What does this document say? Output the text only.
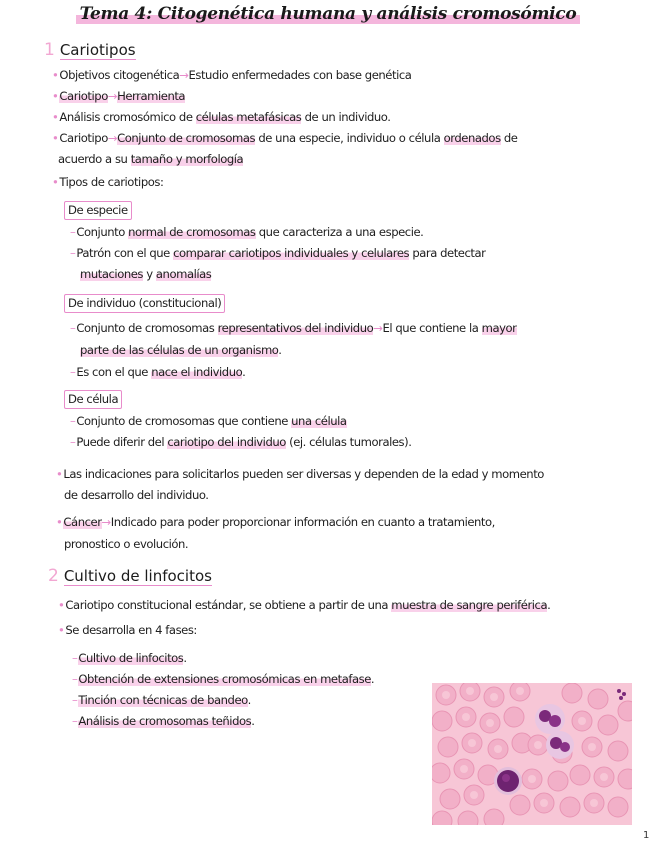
Tema 4: Citogenética humana y análisis cromosómico
1 Cariotipos
•Objetivos citogenética→Estudio enfermedades con base genética
•Cariotipo→Herramienta
•Análisis cromosómico de células metafásicas de un individuo.
•Cariotipo→Conjunto de cromosomas de una especie, individuo o célula ordenados de
acuerdo a su tamaño y morfología
•Tipos de cariotipos:
De especie
–Conjunto normal de cromosomas que caracteriza a una especie.
–Patrón con el que comparar cariotipos individuales y celulares para detectar
mutaciones y anomalías
De individuo (constitucional)
–Conjunto de cromosomas representativos del individuo→El que contiene la mayor
parte de las células de un organismo.
–Es con el que nace el individuo.
De célula
–Conjunto de cromosomas que contiene una célula
–Puede diferir del cariotipo del individuo (ej. células tumorales).
•Las indicaciones para solicitarlos pueden ser diversas y dependen de la edad y momento
de desarrollo del individuo.
•Cáncer→Indicado para poder proporcionar información en cuanto a tratamiento,
pronostico o evolución.
2 Cultivo de linfocitos
•Cariotipo constitucional estándar, se obtiene a partir de una muestra de sangre periférica.
•Se desarrolla en 4 fases:
–Cultivo de linfocitos.
–Obtención de extensiones cromosómicas en metafase.
–Tinción con técnicas de bandeo.
–Análisis de cromosomas teñidos.
1
